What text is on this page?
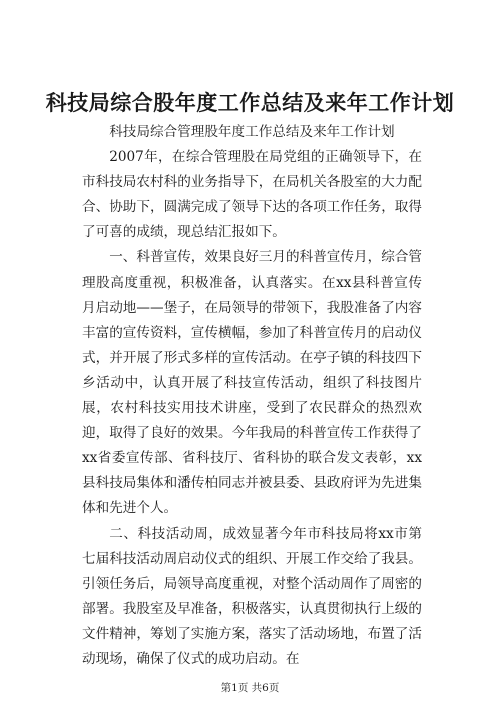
科技局综合股年度工作总结及来年工作计划

科技局综合管理股年度工作总结及来年工作计划

2007年，在综合管理股在局党组的正确领导下，在市科技局农村科的业务指导下，在局机关各股室的大力配合、协助下，圆满完成了领导下达的各项工作任务，取得了可喜的成绩，现总结汇报如下。

一、科普宣传，效果良好三月的科普宣传月，综合管理股高度重视，积极准备，认真落实。在xx县科普宣传月启动地——堡子，在局领导的带领下，我股准备了内容丰富的宣传资料，宣传横幅，参加了科普宣传月的启动仪式，并开展了形式多样的宣传活动。在亭子镇的科技四下乡活动中，认真开展了科技宣传活动，组织了科技图片展，农村科技实用技术讲座，受到了农民群众的热烈欢迎，取得了良好的效果。今年我局的科普宣传工作获得了xx省委宣传部、省科技厅、省科协的联合发文表彰，xx县科技局集体和潘传柏同志并被县委、县政府评为先进集体和先进个人。

二、科技活动周，成效显著今年市科技局将xx市第七届科技活动周启动仪式的组织、开展工作交给了我县。引领任务后，局领导高度重视，对整个活动周作了周密的部署。我股室及早准备，积极落实，认真贯彻执行上级的文件精神，筹划了实施方案，落实了活动场地，布置了活动现场，确保了仪式的成功启动。在

第1页 共6页
